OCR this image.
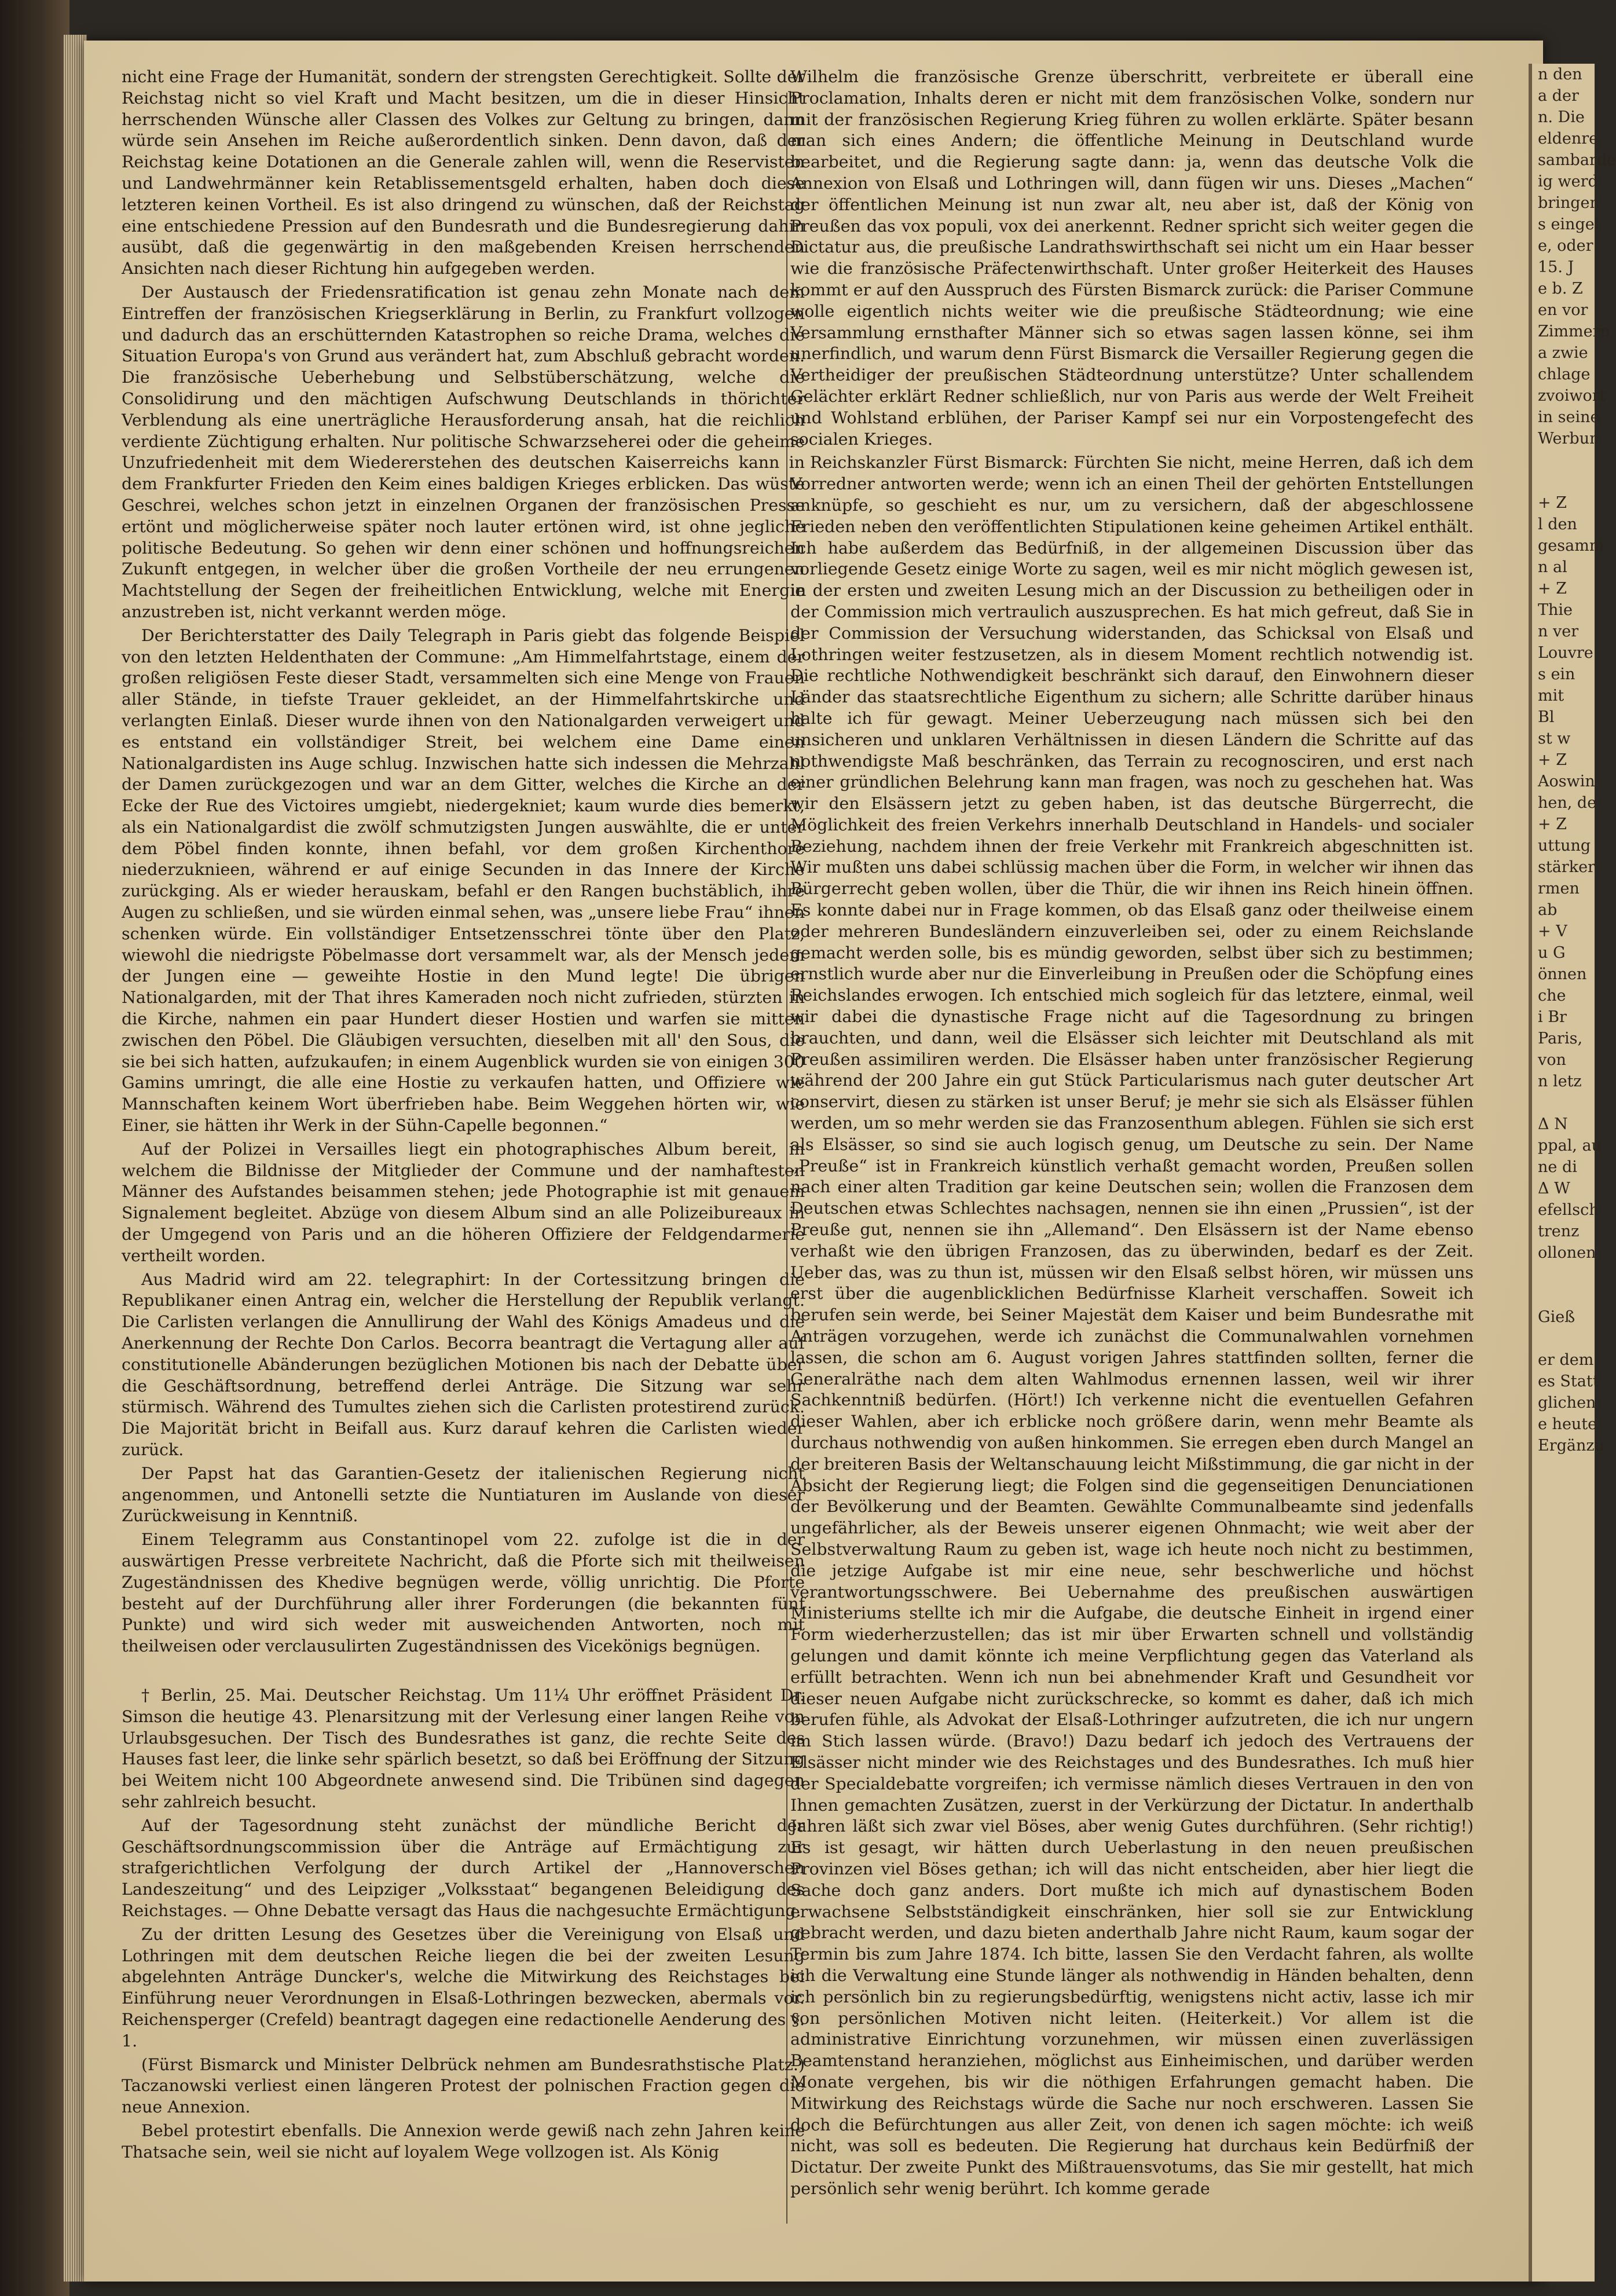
n den
a der
n. Die
eldenre
sambarde
ig werd
bringen
s eingel
e, oder
15. J
e b. Z
en vor
Zimmern
a zwie
chlage
zvoiwort
in seine
Werbun

+ Z
l den
gesamm
n al
+ Z
Thie
n ver
Louvre
s ein
mit
Bl
st w
+ Z
Aoswin
hen, de
+ Z
uttung
stärker
rmen
ab
+ V
u G
önnen
che
i Br
Paris,
von
n letz

Δ N
ppal, au
ne di
Δ W
efellsch
trenz
ollonen

Gieß

er dem
es Statt
glichen
e heute
Ergänzu

nicht eine Frage der Humanität, sondern der strengsten Gerechtigkeit. Sollte der Reichstag nicht so viel Kraft und Macht besitzen, um die in dieser Hinsicht herrschenden Wünsche aller Classen des Volkes zur Geltung zu bringen, dann würde sein Ansehen im Reiche außerordentlich sinken. Denn davon, daß der Reichstag keine Dotationen an die Generale zahlen will, wenn die Reservisten und Landwehrmänner kein Retablissementsgeld erhalten, haben doch diese letzteren keinen Vortheil. Es ist also dringend zu wünschen, daß der Reichstag eine entschiedene Pression auf den Bundesrath und die Bundesregierung dahin ausübt, daß die gegenwärtig in den maßgebenden Kreisen herrschenden Ansichten nach dieser Richtung hin aufgegeben werden.

Der Austausch der Friedensratification ist genau zehn Monate nach dem Eintreffen der französischen Kriegserklärung in Berlin, zu Frankfurt vollzogen und dadurch das an erschütternden Katastrophen so reiche Drama, welches die Situation Europa's von Grund aus verändert hat, zum Abschluß gebracht worden. Die französische Ueberhebung und Selbstüberschätzung, welche die Consolidirung und den mächtigen Aufschwung Deutschlands in thörichter Verblendung als eine unerträgliche Herausforderung ansah, hat die reichlich verdiente Züchtigung erhalten. Nur politische Schwarzseherei oder die geheime Unzufriedenheit mit dem Wiedererstehen des deutschen Kaiserreichs kann in dem Frankfurter Frieden den Keim eines baldigen Krieges erblicken. Das wüste Geschrei, welches schon jetzt in einzelnen Organen der französischen Presse ertönt und möglicherweise später noch lauter ertönen wird, ist ohne jegliche politische Bedeutung. So gehen wir denn einer schönen und hoffnungsreichen Zukunft entgegen, in welcher über die großen Vortheile der neu errungenen Machtstellung der Segen der freiheitlichen Entwicklung, welche mit Energie anzustreben ist, nicht verkannt werden möge.

Der Berichterstatter des Daily Telegraph in Paris giebt das folgende Beispiel von den letzten Heldenthaten der Commune: „Am Himmelfahrtstage, einem der großen religiösen Feste dieser Stadt, versammelten sich eine Menge von Frauen aller Stände, in tiefste Trauer gekleidet, an der Himmelfahrtskirche und verlangten Einlaß. Dieser wurde ihnen von den Nationalgarden verweigert und es entstand ein vollständiger Streit, bei welchem eine Dame einen Nationalgardisten ins Auge schlug. Inzwischen hatte sich indessen die Mehrzahl der Damen zurückgezogen und war an dem Gitter, welches die Kirche an der Ecke der Rue des Victoires umgiebt, niedergekniet; kaum wurde dies bemerkt, als ein Nationalgardist die zwölf schmutzigsten Jungen auswählte, die er unter dem Pöbel finden konnte, ihnen befahl, vor dem großen Kirchenthore niederzuknieen, während er auf einige Secunden in das Innere der Kirche zurückging. Als er wieder herauskam, befahl er den Rangen buchstäblich, ihre Augen zu schließen, und sie würden einmal sehen, was „unsere liebe Frau“ ihnen schenken würde. Ein vollständiger Entsetzensschrei tönte über den Platz, wiewohl die niedrigste Pöbelmasse dort versammelt war, als der Mensch jedem der Jungen eine — geweihte Hostie in den Mund legte! Die übrigen Nationalgarden, mit der That ihres Kameraden noch nicht zufrieden, stürzten in die Kirche, nahmen ein paar Hundert dieser Hostien und warfen sie mitten zwischen den Pöbel. Die Gläubigen versuchten, dieselben mit all' den Sous, die sie bei sich hatten, aufzukaufen; in einem Augenblick wurden sie von einigen 300 Gamins umringt, die alle eine Hostie zu verkaufen hatten, und Offiziere wie Mannschaften keinem Wort überfrieben habe. Beim Weggehen hörten wir, wie Einer, sie hätten ihr Werk in der Sühn-Capelle begonnen.“

Auf der Polizei in Versailles liegt ein photographisches Album bereit, in welchem die Bildnisse der Mitglieder der Commune und der namhaftesten Männer des Aufstandes beisammen stehen; jede Photographie ist mit genauem Signalement begleitet. Abzüge von diesem Album sind an alle Polizeibureaux in der Umgegend von Paris und an die höheren Offiziere der Feldgendarmerie vertheilt worden.

Aus Madrid wird am 22. telegraphirt: In der Cortessitzung bringen die Republikaner einen Antrag ein, welcher die Herstellung der Republik verlangt. Die Carlisten verlangen die Annullirung der Wahl des Königs Amadeus und die Anerkennung der Rechte Don Carlos. Becorra beantragt die Vertagung aller auf constitutionelle Abänderungen bezüglichen Motionen bis nach der Debatte über die Geschäftsordnung, betreffend derlei Anträge. Die Sitzung war sehr stürmisch. Während des Tumultes ziehen sich die Carlisten protestirend zurück. Die Majorität bricht in Beifall aus. Kurz darauf kehren die Carlisten wieder zurück.

Der Papst hat das Garantien-Gesetz der italienischen Regierung nicht angenommen, und Antonelli setzte die Nuntiaturen im Auslande von dieser Zurückweisung in Kenntniß.

Einem Telegramm aus Constantinopel vom 22. zufolge ist die in der auswärtigen Presse verbreitete Nachricht, daß die Pforte sich mit theilweisen Zugeständnissen des Khedive begnügen werde, völlig unrichtig. Die Pforte besteht auf der Durchführung aller ihrer Forderungen (die bekannten fünf Punkte) und wird sich weder mit ausweichenden Antworten, noch mit theilweisen oder verclausulirten Zugeständnissen des Vicekönigs begnügen.

† Berlin, 25. Mai. Deutscher Reichstag. Um 11¼ Uhr eröffnet Präsident Dr. Simson die heutige 43. Plenarsitzung mit der Verlesung einer langen Reihe von Urlaubsgesuchen. Der Tisch des Bundesrathes ist ganz, die rechte Seite des Hauses fast leer, die linke sehr spärlich besetzt, so daß bei Eröffnung der Sitzung bei Weitem nicht 100 Abgeordnete anwesend sind. Die Tribünen sind dagegen sehr zahlreich besucht.

Auf der Tagesordnung steht zunächst der mündliche Bericht der Geschäftsordnungscommission über die Anträge auf Ermächtigung zur strafgerichtlichen Verfolgung der durch Artikel der „Hannoverschen Landeszeitung“ und des Leipziger „Volksstaat“ begangenen Beleidigung des Reichstages. — Ohne Debatte versagt das Haus die nachgesuchte Ermächtigung.

Zu der dritten Lesung des Gesetzes über die Vereinigung von Elsaß und Lothringen mit dem deutschen Reiche liegen die bei der zweiten Lesung abgelehnten Anträge Duncker's, welche die Mitwirkung des Reichstages bei Einführung neuer Verordnungen in Elsaß-Lothringen bezwecken, abermals vor. Reichensperger (Crefeld) beantragt dagegen eine redactionelle Aenderung des §. 1.

(Fürst Bismarck und Minister Delbrück nehmen am Bundesrathstische Platz.) Taczanowski verliest einen längeren Protest der polnischen Fraction gegen die neue Annexion.

Bebel protestirt ebenfalls. Die Annexion werde gewiß nach zehn Jahren keine Thatsache sein, weil sie nicht auf loyalem Wege vollzogen ist. Als König

Wilhelm die französische Grenze überschritt, verbreitete er überall eine Proclamation, Inhalts deren er nicht mit dem französischen Volke, sondern nur mit der französischen Regierung Krieg führen zu wollen erklärte. Später besann man sich eines Andern; die öffentliche Meinung in Deutschland wurde bearbeitet, und die Regierung sagte dann: ja, wenn das deutsche Volk die Annexion von Elsaß und Lothringen will, dann fügen wir uns. Dieses „Machen“ der öffentlichen Meinung ist nun zwar alt, neu aber ist, daß der König von Preußen das vox populi, vox dei anerkennt. Redner spricht sich weiter gegen die Dictatur aus, die preußische Landrathswirthschaft sei nicht um ein Haar besser wie die französische Präfectenwirthschaft. Unter großer Heiterkeit des Hauses kommt er auf den Ausspruch des Fürsten Bismarck zurück: die Pariser Commune wolle eigentlich nichts weiter wie die preußische Städteordnung; wie eine Versammlung ernsthafter Männer sich so etwas sagen lassen könne, sei ihm unerfindlich, und warum denn Fürst Bismarck die Versailler Regierung gegen die Vertheidiger der preußischen Städteordnung unterstütze? Unter schallendem Gelächter erklärt Redner schließlich, nur von Paris aus werde der Welt Freiheit und Wohlstand erblühen, der Pariser Kampf sei nur ein Vorpostengefecht des socialen Krieges.

Reichskanzler Fürst Bismarck: Fürchten Sie nicht, meine Herren, daß ich dem Vorredner antworten werde; wenn ich an einen Theil der gehörten Entstellungen anknüpfe, so geschieht es nur, um zu versichern, daß der abgeschlossene Frieden neben den veröffentlichten Stipulationen keine geheimen Artikel enthält. Ich habe außerdem das Bedürfniß, in der allgemeinen Discussion über das vorliegende Gesetz einige Worte zu sagen, weil es mir nicht möglich gewesen ist, in der ersten und zweiten Lesung mich an der Discussion zu betheiligen oder in der Commission mich vertraulich auszusprechen. Es hat mich gefreut, daß Sie in der Commission der Versuchung widerstanden, das Schicksal von Elsaß und Lothringen weiter festzusetzen, als in diesem Moment rechtlich notwendig ist. Die rechtliche Nothwendigkeit beschränkt sich darauf, den Einwohnern dieser Länder das staatsrechtliche Eigenthum zu sichern; alle Schritte darüber hinaus halte ich für gewagt. Meiner Ueberzeugung nach müssen sich bei den unsicheren und unklaren Verhältnissen in diesen Ländern die Schritte auf das nothwendigste Maß beschränken, das Terrain zu recognosciren, und erst nach einer gründlichen Belehrung kann man fragen, was noch zu geschehen hat. Was wir den Elsässern jetzt zu geben haben, ist das deutsche Bürgerrecht, die Möglichkeit des freien Verkehrs innerhalb Deutschland in Handels- und socialer Beziehung, nachdem ihnen der freie Verkehr mit Frankreich abgeschnitten ist. Wir mußten uns dabei schlüssig machen über die Form, in welcher wir ihnen das Bürgerrecht geben wollen, über die Thür, die wir ihnen ins Reich hinein öffnen. Es konnte dabei nur in Frage kommen, ob das Elsaß ganz oder theilweise einem oder mehreren Bundesländern einzuverleiben sei, oder zu einem Reichslande gemacht werden solle, bis es mündig geworden, selbst über sich zu bestimmen; ernstlich wurde aber nur die Einverleibung in Preußen oder die Schöpfung eines Reichslandes erwogen. Ich entschied mich sogleich für das letztere, einmal, weil wir dabei die dynastische Frage nicht auf die Tagesordnung zu bringen brauchten, und dann, weil die Elsässer sich leichter mit Deutschland als mit Preußen assimiliren werden. Die Elsässer haben unter französischer Regierung während der 200 Jahre ein gut Stück Particularismus nach guter deutscher Art conservirt, diesen zu stärken ist unser Beruf; je mehr sie sich als Elsässer fühlen werden, um so mehr werden sie das Franzosenthum ablegen. Fühlen sie sich erst als Elsässer, so sind sie auch logisch genug, um Deutsche zu sein. Der Name „Preuße“ ist in Frankreich künstlich verhaßt gemacht worden, Preußen sollen nach einer alten Tradition gar keine Deutschen sein; wollen die Franzosen dem Deutschen etwas Schlechtes nachsagen, nennen sie ihn einen „Prussien“, ist der Preuße gut, nennen sie ihn „Allemand“. Den Elsässern ist der Name ebenso verhaßt wie den übrigen Franzosen, das zu überwinden, bedarf es der Zeit. Ueber das, was zu thun ist, müssen wir den Elsaß selbst hören, wir müssen uns erst über die augenblicklichen Bedürfnisse Klarheit verschaffen. Soweit ich berufen sein werde, bei Seiner Majestät dem Kaiser und beim Bundesrathe mit Anträgen vorzugehen, werde ich zunächst die Communalwahlen vornehmen lassen, die schon am 6. August vorigen Jahres stattfinden sollten, ferner die Generalräthe nach dem alten Wahlmodus ernennen lassen, weil wir ihrer Sachkenntniß bedürfen. (Hört!) Ich verkenne nicht die eventuellen Gefahren dieser Wahlen, aber ich erblicke noch größere darin, wenn mehr Beamte als durchaus nothwendig von außen hinkommen. Sie erregen eben durch Mangel an der breiteren Basis der Weltanschauung leicht Mißstimmung, die gar nicht in der Absicht der Regierung liegt; die Folgen sind die gegenseitigen Denunciationen der Bevölkerung und der Beamten. Gewählte Communalbeamte sind jedenfalls ungefährlicher, als der Beweis unserer eigenen Ohnmacht; wie weit aber der Selbstverwaltung Raum zu geben ist, wage ich heute noch nicht zu bestimmen, die jetzige Aufgabe ist mir eine neue, sehr beschwerliche und höchst verantwortungsschwere. Bei Uebernahme des preußischen auswärtigen Ministeriums stellte ich mir die Aufgabe, die deutsche Einheit in irgend einer Form wiederherzustellen; das ist mir über Erwarten schnell und vollständig gelungen und damit könnte ich meine Verpflichtung gegen das Vaterland als erfüllt betrachten. Wenn ich nun bei abnehmender Kraft und Gesundheit vor dieser neuen Aufgabe nicht zurückschrecke, so kommt es daher, daß ich mich berufen fühle, als Advokat der Elsaß-Lothringer aufzutreten, die ich nur ungern im Stich lassen würde. (Bravo!) Dazu bedarf ich jedoch des Vertrauens der Elsässer nicht minder wie des Reichstages und des Bundesrathes. Ich muß hier der Specialdebatte vorgreifen; ich vermisse nämlich dieses Vertrauen in den von Ihnen gemachten Zusätzen, zuerst in der Verkürzung der Dictatur. In anderthalb Jahren läßt sich zwar viel Böses, aber wenig Gutes durchführen. (Sehr richtig!) Es ist gesagt, wir hätten durch Ueberlastung in den neuen preußischen Provinzen viel Böses gethan; ich will das nicht entscheiden, aber hier liegt die Sache doch ganz anders. Dort mußte ich mich auf dynastischem Boden erwachsene Selbstständigkeit einschränken, hier soll sie zur Entwicklung gebracht werden, und dazu bieten anderthalb Jahre nicht Raum, kaum sogar der Termin bis zum Jahre 1874. Ich bitte, lassen Sie den Verdacht fahren, als wollte ich die Verwaltung eine Stunde länger als nothwendig in Händen behalten, denn ich persönlich bin zu regierungsbedürftig, wenigstens nicht activ, lasse ich mir von persönlichen Motiven nicht leiten. (Heiterkeit.) Vor allem ist die administrative Einrichtung vorzunehmen, wir müssen einen zuverlässigen Beamtenstand heranziehen, möglichst aus Einheimischen, und darüber werden Monate vergehen, bis wir die nöthigen Erfahrungen gemacht haben. Die Mitwirkung des Reichstags würde die Sache nur noch erschweren. Lassen Sie doch die Befürchtungen aus aller Zeit, von denen ich sagen möchte: ich weiß nicht, was soll es bedeuten. Die Regierung hat durchaus kein Bedürfniß der Dictatur. Der zweite Punkt des Mißtrauensvotums, das Sie mir gestellt, hat mich persönlich sehr wenig berührt. Ich komme gerade
